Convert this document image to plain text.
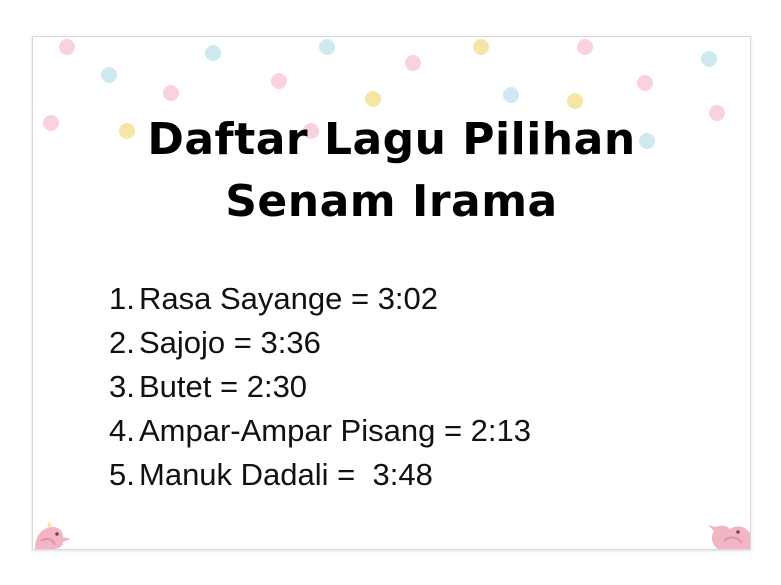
Daftar Lagu Pilihan
Senam Irama
1. Rasa Sayange = 3:02
2. Sajojo = 3:36
3. Butet = 2:30
4. Ampar-Ampar Pisang = 2:13
5. Manuk Dadali =  3:48
